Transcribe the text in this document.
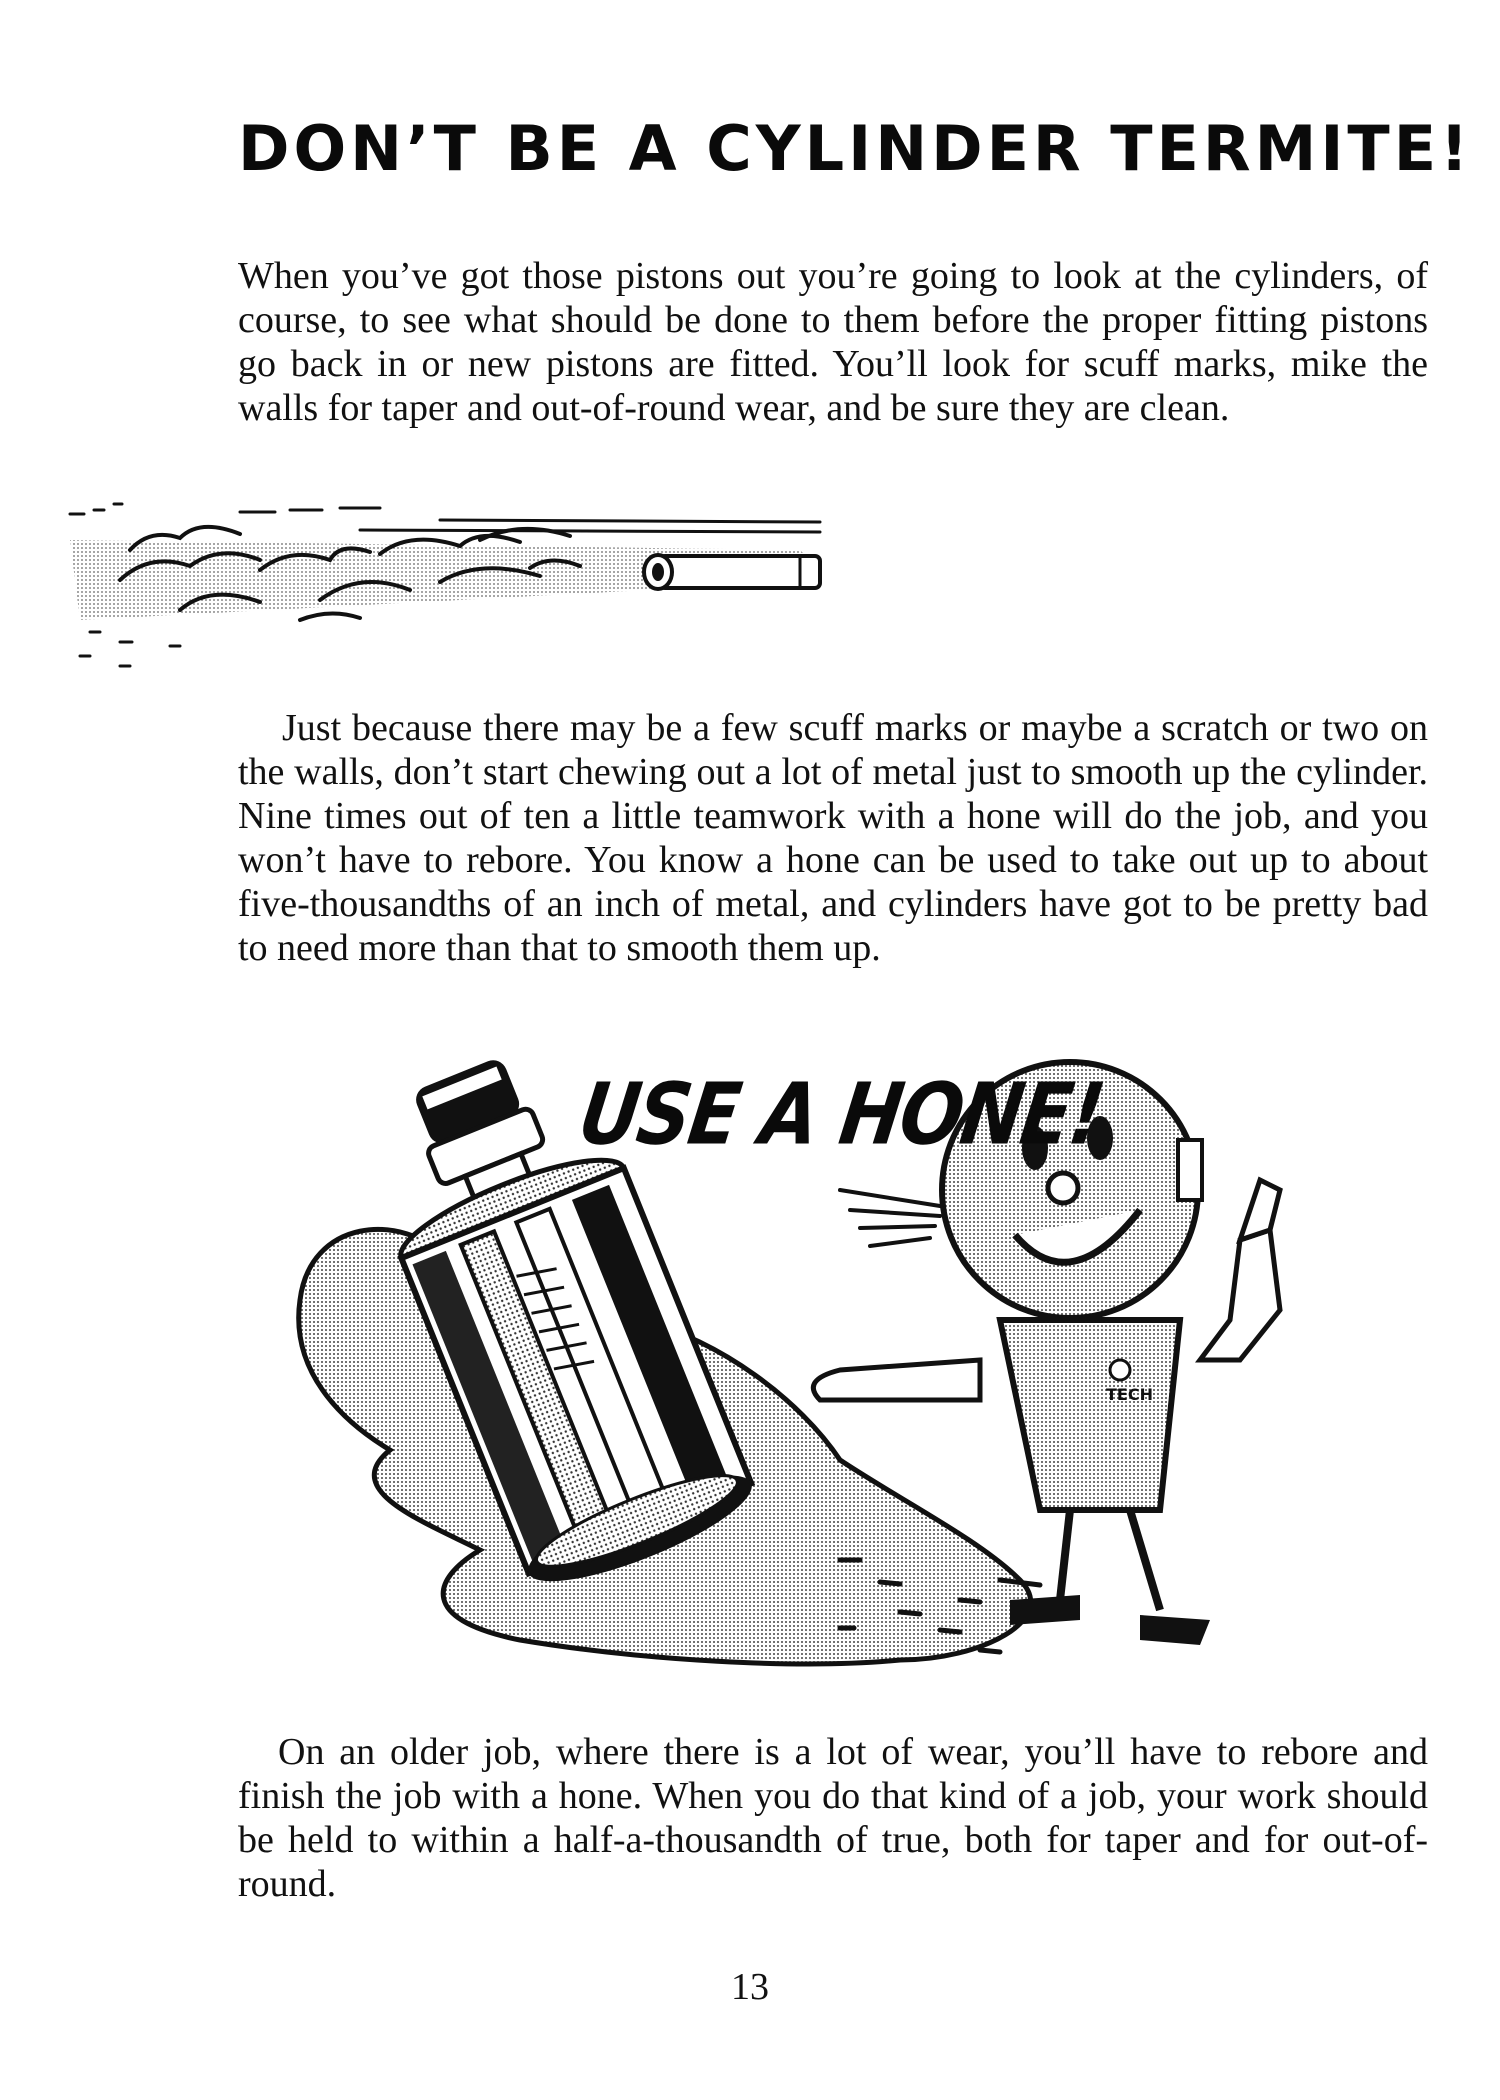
DON’T BE A CYLINDER TERMITE!

When you’ve got those pistons out you’re going to look at the cylinders, of course, to see what should be done to them before the proper fitting pistons go back in or new pistons are fitted. You’ll look for scuff marks, mike the walls for taper and out-of-round wear, and be sure they are clean.

Just because there may be a few scuff marks or maybe a scratch or two on the walls, don’t start chewing out a lot of metal just to smooth up the cylinder. Nine times out of ten a little teamwork with a hone will do the job, and you won’t have to rebore. You know a hone can be used to take out up to about five-thousandths of an inch of metal, and cylinders have got to be pretty bad to need more than that to smooth them up.

TECH

USE A HONE!

On an older job, where there is a lot of wear, you’ll have to rebore and finish the job with a hone. When you do that kind of a job, your work should be held to within a half-a-thousandth of true, both for taper and for out-of-round.

13
